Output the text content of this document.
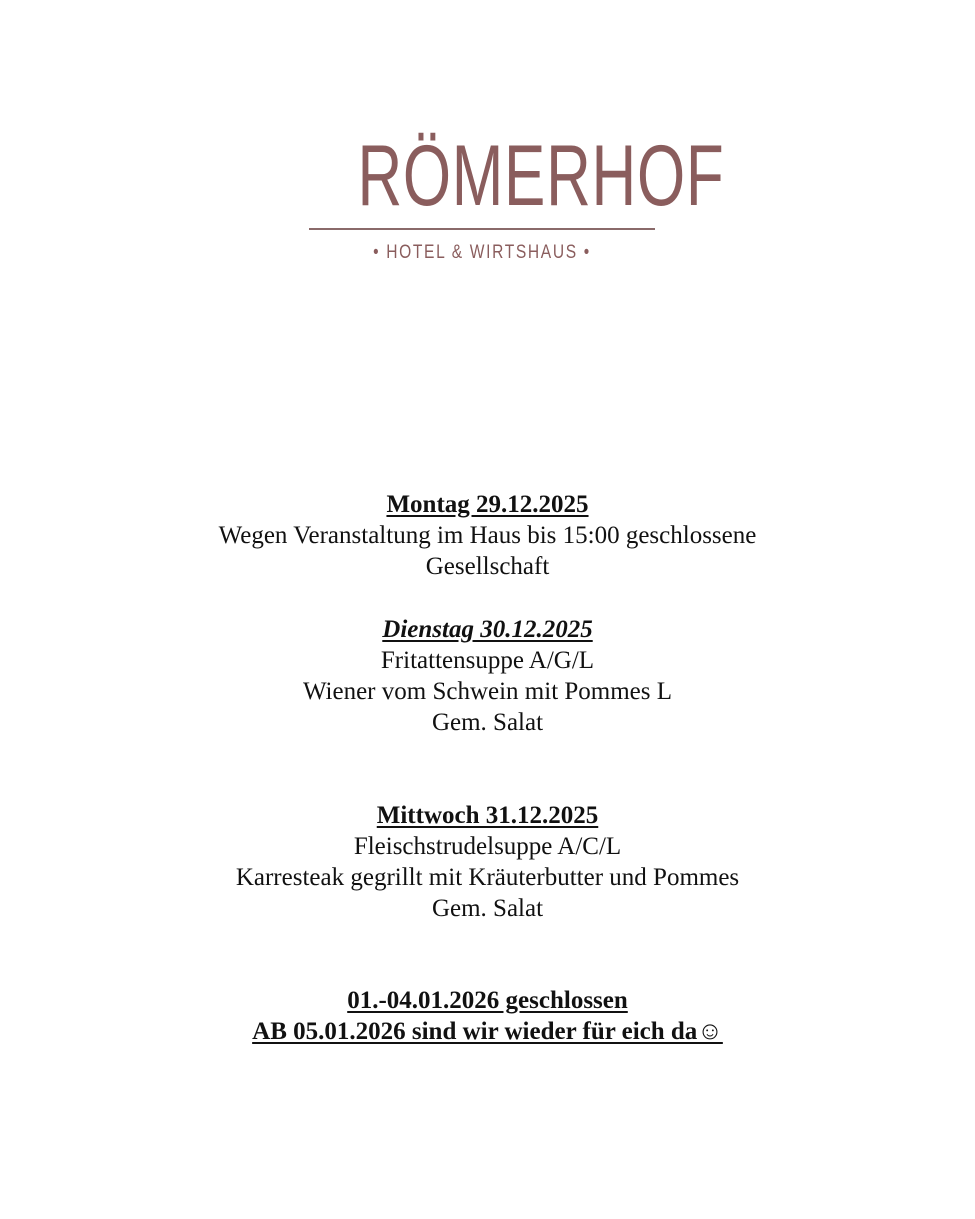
RÖMERHOF
• HOTEL & WIRTSHAUS •
Montag 29.12.2025
Wegen Veranstaltung im Haus bis 15:00 geschlossene
Gesellschaft
Dienstag 30.12.2025
Fritattensuppe A/G/L
Wiener vom Schwein mit Pommes L
Gem. Salat
Mittwoch 31.12.2025
Fleischstrudelsuppe A/C/L
Karresteak gegrillt mit Kräuterbutter und Pommes
Gem. Salat
01.-04.01.2026 geschlossen
AB 05.01.2026 sind wir wieder für eich da☺
